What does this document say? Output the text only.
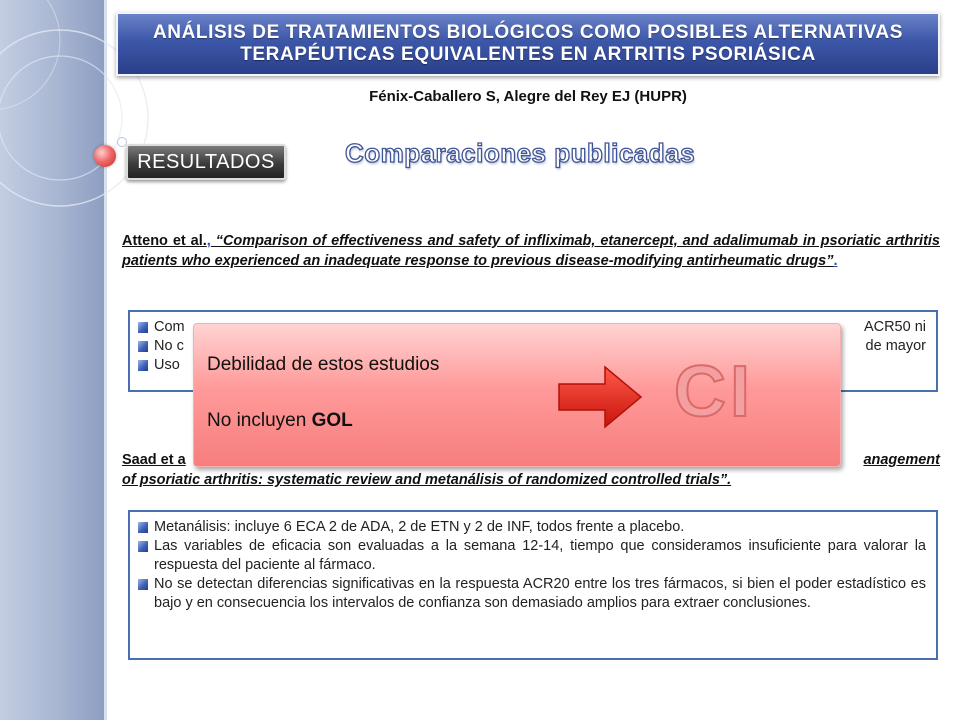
ANÁLISIS DE TRATAMIENTOS BIOLÓGICOS COMO POSIBLES ALTERNATIVAS
TERAPÉUTICAS EQUIVALENTES EN ARTRITIS PSORIÁSICA
Fénix-Caballero S, Alegre del Rey EJ (HUPR)
RESULTADOS	Comparaciones publicadas
Atteno et al., “Comparison of effectiveness and safety of infliximab, etanercept, and adalimumab in psoriatic arthritis patients who experienced an inadequate response to previous disease-modifying antirheumatic drugs”.
Com	ACR50 ni
No c	de mayor
Uso
Saad et a	anagement
of psoriatic arthritis: systematic review and metanálisis of randomized controlled trials”.
Metanálisis: incluye 6 ECA 2 de ADA, 2 de ETN y 2 de INF, todos frente a placebo.
Las variables de eficacia son evaluadas a la semana 12-14, tiempo que consideramos insuficiente para valorar la respuesta del paciente al fármaco.
No se detectan diferencias significativas en la respuesta ACR20 entre los tres fármacos, si bien el poder estadístico es bajo y en consecuencia los intervalos de confianza son demasiado amplios para extraer conclusiones.
Debilidad de estos estudios
No incluyen GOL	CI
